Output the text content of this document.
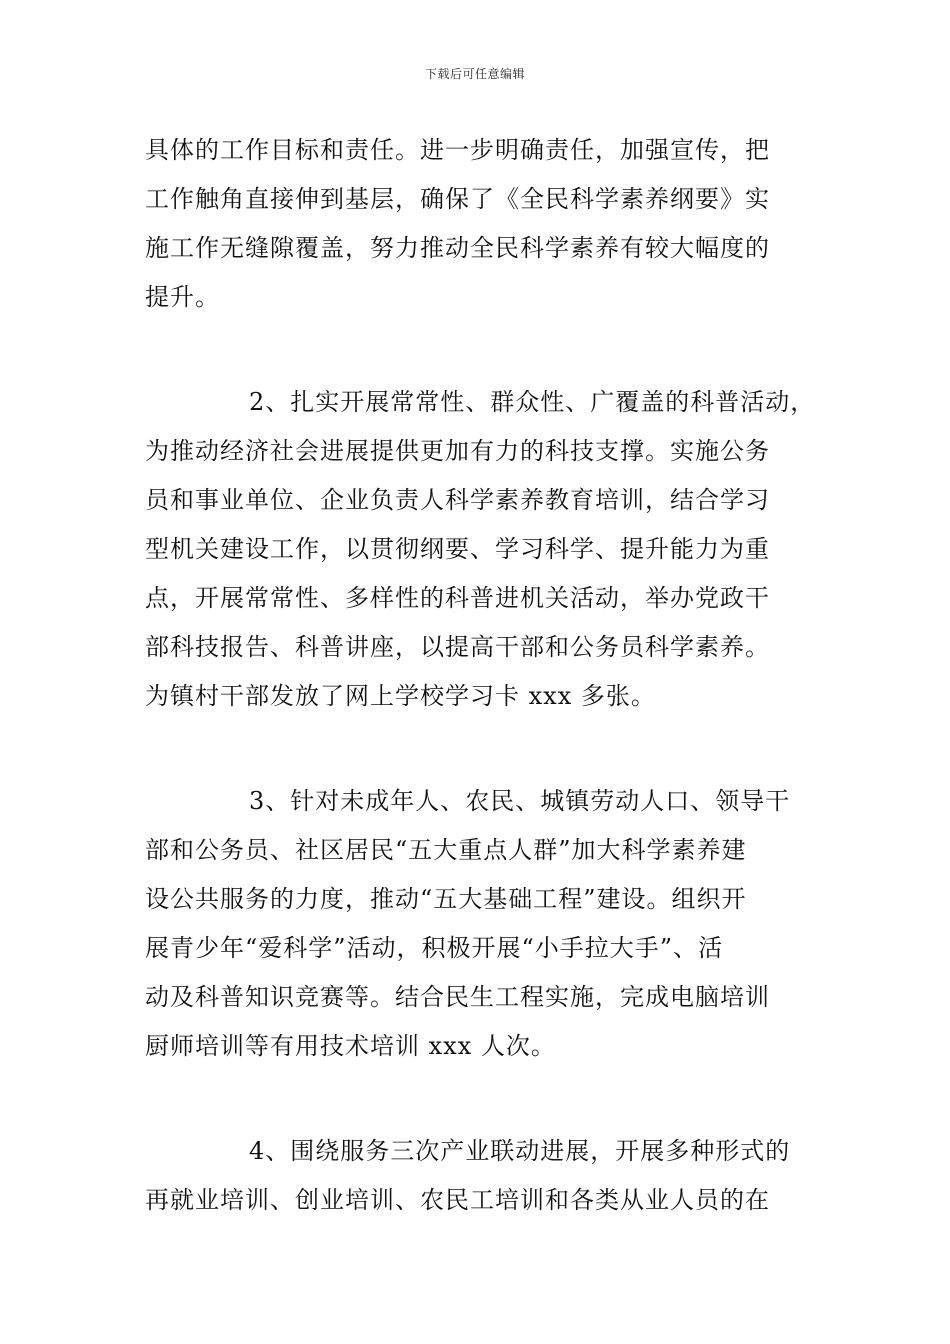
下载后可任意编辑

具体的工作目标和责任。进一步明确责任，加强宣传，把
工作触角直接伸到基层，确保了《全民科学素养纲要》实
施工作无缝隙覆盖，努力推动全民科学素养有较大幅度的
提升。

2、扎实开展常常性、群众性、广覆盖的科普活动，
为推动经济社会进展提供更加有力的科技支撑。实施公务
员和事业单位、企业负责人科学素养教育培训，结合学习
型机关建设工作，以贯彻纲要、学习科学、提升能力为重
点，开展常常性、多样性的科普进机关活动，举办党政干
部科技报告、科普讲座，以提高干部和公务员科学素养。
为镇村干部发放了网上学校学习卡 xxx 多张。

3、针对未成年人、农民、城镇劳动人口、领导干
部和公务员、社区居民“五大重点人群”加大科学素养建
设公共服务的力度，推动“五大基础工程”建设。组织开
展青少年“爱科学”活动，积极开展“小手拉大手”、活
动及科普知识竞赛等。结合民生工程实施，完成电脑培训
厨师培训等有用技术培训 xxx 人次。

4、围绕服务三次产业联动进展，开展多种形式的
再就业培训、创业培训、农民工培训和各类从业人员的在
